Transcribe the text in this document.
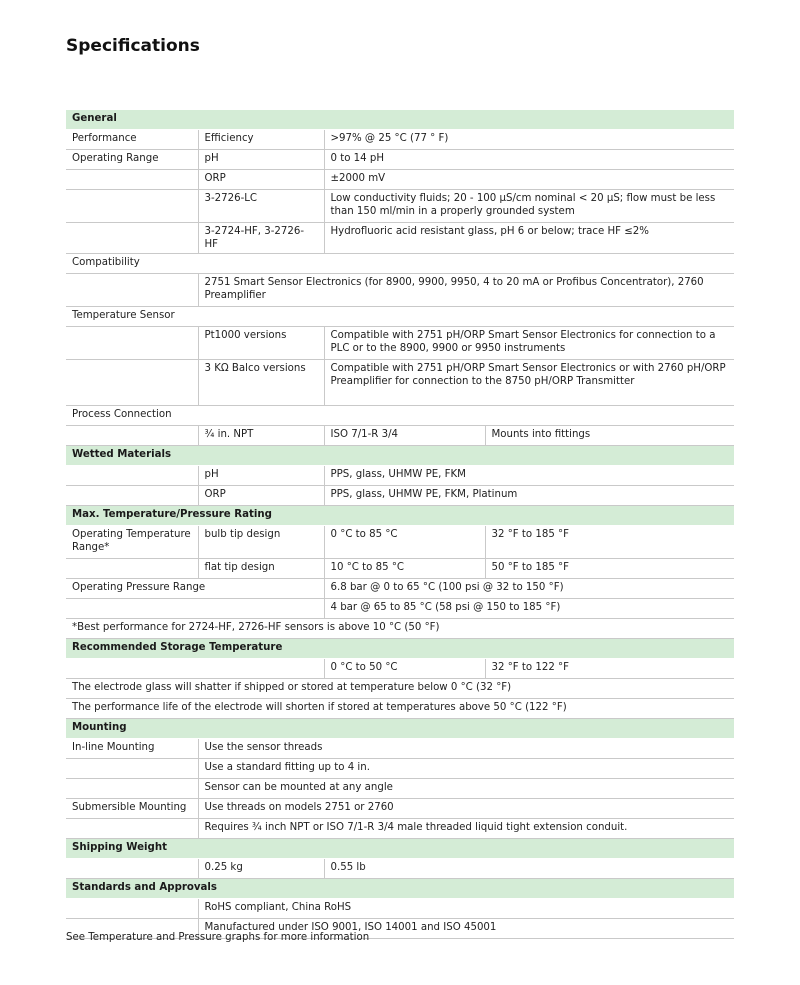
Specifications
General			
Performance	Efficiency	>97% @ 25 °C (77 ° F)	
Operating Range	pH	0 to 14 pH	
	ORP	±2000 mV	
	3-2726-LC	Low conductivity fluids; 20 - 100 µS/cm nominal < 20 µS; flow must be less than 150 ml/min in a properly grounded system	
	3-2724-HF, 3-2726-HF	Hydrofluoric acid resistant glass, pH 6 or below; trace HF ≤2%	
Compatibility			
	2751 Smart Sensor Electronics (for 8900, 9900, 9950, 4 to 20 mA or Profibus Concentrator), 2760 Preamplifier		
Temperature Sensor			
	Pt1000 versions	Compatible with 2751 pH/ORP Smart Sensor Electronics for connection to a PLC or to the 8900, 9900 or 9950 instruments	
	3 KΩ Balco versions	Compatible with 2751 pH/ORP Smart Sensor Electronics or with 2760 pH/ORP Preamplifier for connection to the 8750 pH/ORP Transmitter	
Process Connection			
	¾ in. NPT	ISO 7/1-R 3/4	Mounts into fittings
Wetted Materials			
	pH	PPS, glass, UHMW PE, FKM	
	ORP	PPS, glass, UHMW PE, FKM, Platinum	
Max. Temperature/Pressure Rating			
Operating Temperature Range*	bulb tip design	0 °C to 85 °C	32 °F to 185 °F
	flat tip design	10 °C to 85 °C	50 °F to 185 °F
Operating Pressure Range		6.8 bar @ 0 to 65 °C (100 psi @ 32 to 150 °F)	
		4 bar @ 65 to 85 °C (58 psi @ 150 to 185 °F)	
*Best performance for 2724-HF, 2726-HF sensors is above 10 °C (50 °F)			
Recommended Storage Temperature			
		0 °C to 50 °C	32 °F to 122 °F
The electrode glass will shatter if shipped or stored at temperature below 0 °C (32 °F)			
The performance life of the electrode will shorten if stored at temperatures above 50 °C (122 °F)			
Mounting			
In-line Mounting	Use the sensor threads		
	Use a standard fitting up to 4 in.		
	Sensor can be mounted at any angle		
Submersible Mounting	Use threads on models 2751 or 2760		
	Requires ¾ inch NPT or ISO 7/1-R 3/4 male threaded liquid tight extension conduit.		
Shipping Weight			
	0.25 kg	0.55 lb	
Standards and Approvals			
	RoHS compliant, China RoHS		
	Manufactured under ISO 9001, ISO 14001 and ISO 45001		
See Temperature and Pressure graphs for more information
